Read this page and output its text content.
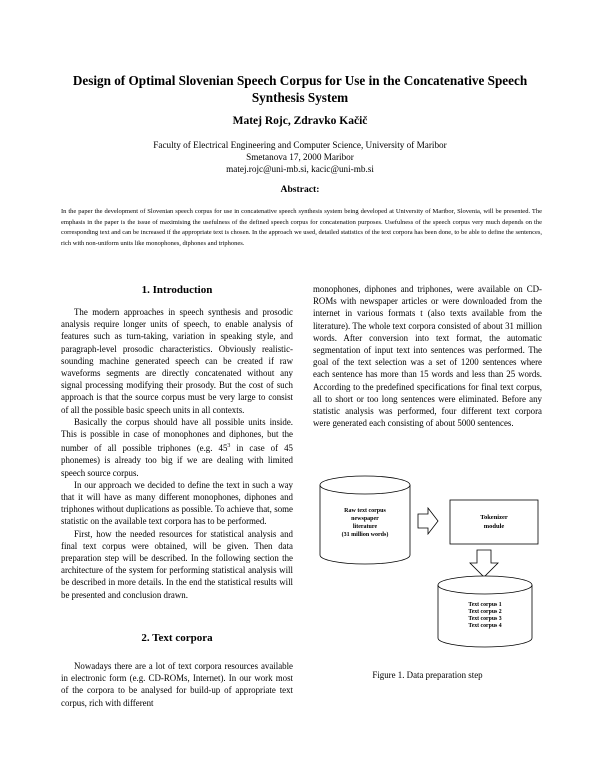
Design of Optimal Slovenian Speech Corpus for Use in the Concatenative Speech Synthesis System
Matej Rojc, Zdravko Kačič
Faculty of Electrical Engineering and Computer Science, University of Maribor
Smetanova 17, 2000 Maribor
matej.rojc@uni-mb.si, kacic@uni-mb.si
Abstract:
In the paper the development of Slovenian speech corpus for use in concatenative speech synthesis system being developed at University of Maribor, Slovenia, will be presented. The emphasis in the paper is the issue of maximising the usefulness of the defined speech corpus for concatenation purposes. Usefulness of the speech corpus very much depends on the corresponding text and can be increased if the appropriate text is chosen. In the approach we used, detailed statistics of the text corpora has been done, to be able to define the sentences, rich with non-uniform units like monophones, diphones and triphones.
1. Introduction

The modern approaches in speech synthesis and prosodic analysis require longer units of speech, to enable analysis of features such as turn-taking, variation in speaking style, and paragraph-level prosodic characteristics. Obviously realistic-sounding machine generated speech can be created if raw waveforms segments are directly concatenated without any signal processing modifying their prosody. But the cost of such approach is that the source corpus must be very large to consist of all the possible basic speech units in all contexts.

Basically the corpus should have all possible units inside. This is possible in case of monophones and diphones, but the number of all possible triphones (e.g. $45^3$ in case of 45 phonemes) is already too big if we are dealing with limited speech source corpus.

In our approach we decided to define the text in such a way that it will have as many different monophones, diphones and triphones without duplications as possible. To achieve that, some statistic on the available text corpora has to be performed.

First, how the needed resources for statistical analysis and final text corpus were obtained, will be given. Then data preparation step will be described. In the following section the architecture of the system for performing statistical analysis will be described in more details. In the end the statistical results will be presented and conclusion drawn.

2. Text corpora

Nowadays there are a lot of text corpora resources available in electronic form (e.g. CD-ROMs, Internet). In our work most of the corpora to be analysed for build-up of appropriate text corpus, rich with different

monophones, diphones and triphones, were available on CD-ROMs with newspaper articles or were downloaded from the internet in various formats t (also texts available from the literature). The whole text corpora consisted of about 31 million words. After conversion into text format, the automatic segmentation of input text into sentences was performed. The goal of the text selection was a set of 1200 sentences where each sentence has more than 15 words and less than 25 words. According to the predefined specifications for final text corpus, all to short or too long sentences were eliminated. Before any statistic analysis was performed, four different text corpora were generated each consisting of about 5000 sentences.

Raw text corpus
newspaper
literature
(31 million words)
Tokenizer
module
Text corpus 1
Text corpus 2
Text corpus 3
Text corpus 4
Figure 1. Data preparation step
